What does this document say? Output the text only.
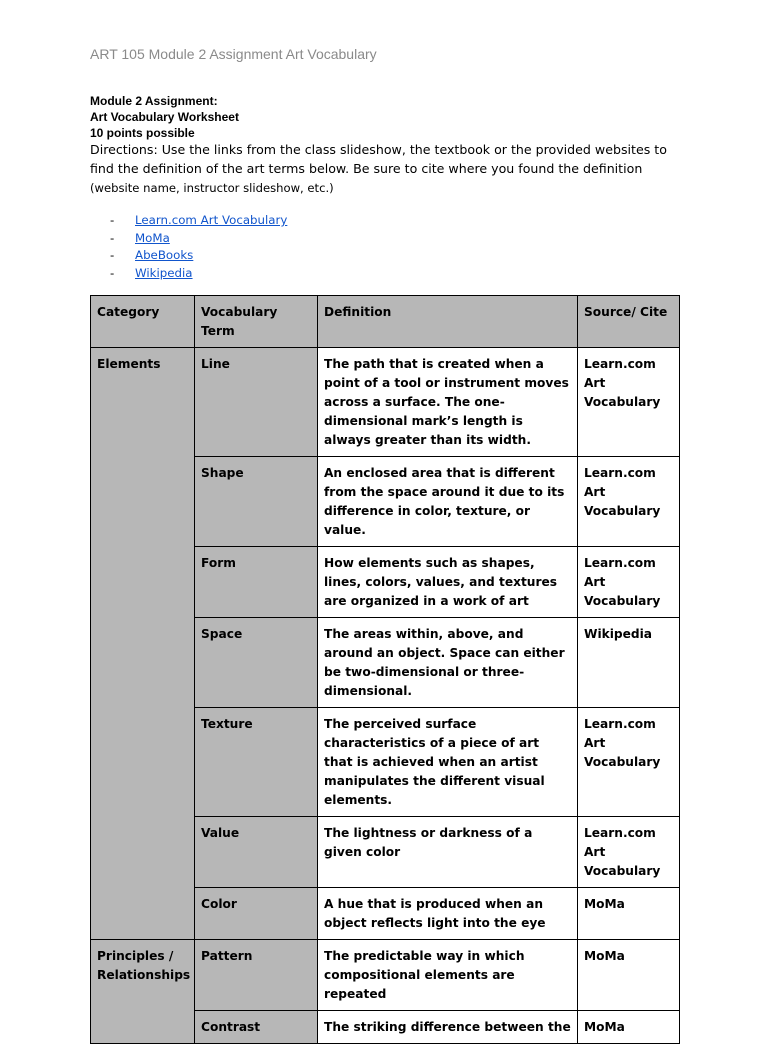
ART 105 Module 2 Assignment Art Vocabulary
Module 2 Assignment:
Art Vocabulary Worksheet
10 points possible
Directions: Use the links from the class slideshow, the textbook or the provided websites to find the definition of the art terms below. Be sure to cite where you found the definition (website name, instructor slideshow, etc.)
- Learn.com Art Vocabulary
- MoMa
- AbeBooks
- Wikipedia
Category	Vocabulary Term	Definition	Source/ Cite
Elements	Line	The path that is created when a point of a tool or instrument moves across a surface. The one-dimensional mark’s length is always greater than its width.	Learn.com Art Vocabulary
	Shape	An enclosed area that is different from the space around it due to its difference in color, texture, or value.	Learn.com Art Vocabulary
	Form	How elements such as shapes, lines, colors, values, and textures are organized in a work of art	Learn.com Art Vocabulary
	Space	The areas within, above, and around an object. Space can either be two-dimensional or three-dimensional.	Wikipedia
	Texture	The perceived surface characteristics of a piece of art that is achieved when an artist manipulates the different visual elements.	Learn.com Art Vocabulary
	Value	The lightness or darkness of a given color	Learn.com Art Vocabulary
	Color	A hue that is produced when an object reflects light into the eye	MoMa
Principles /
Relationships	Pattern	The predictable way in which compositional elements are repeated	MoMa
	Contrast	The striking difference between the	MoMa
